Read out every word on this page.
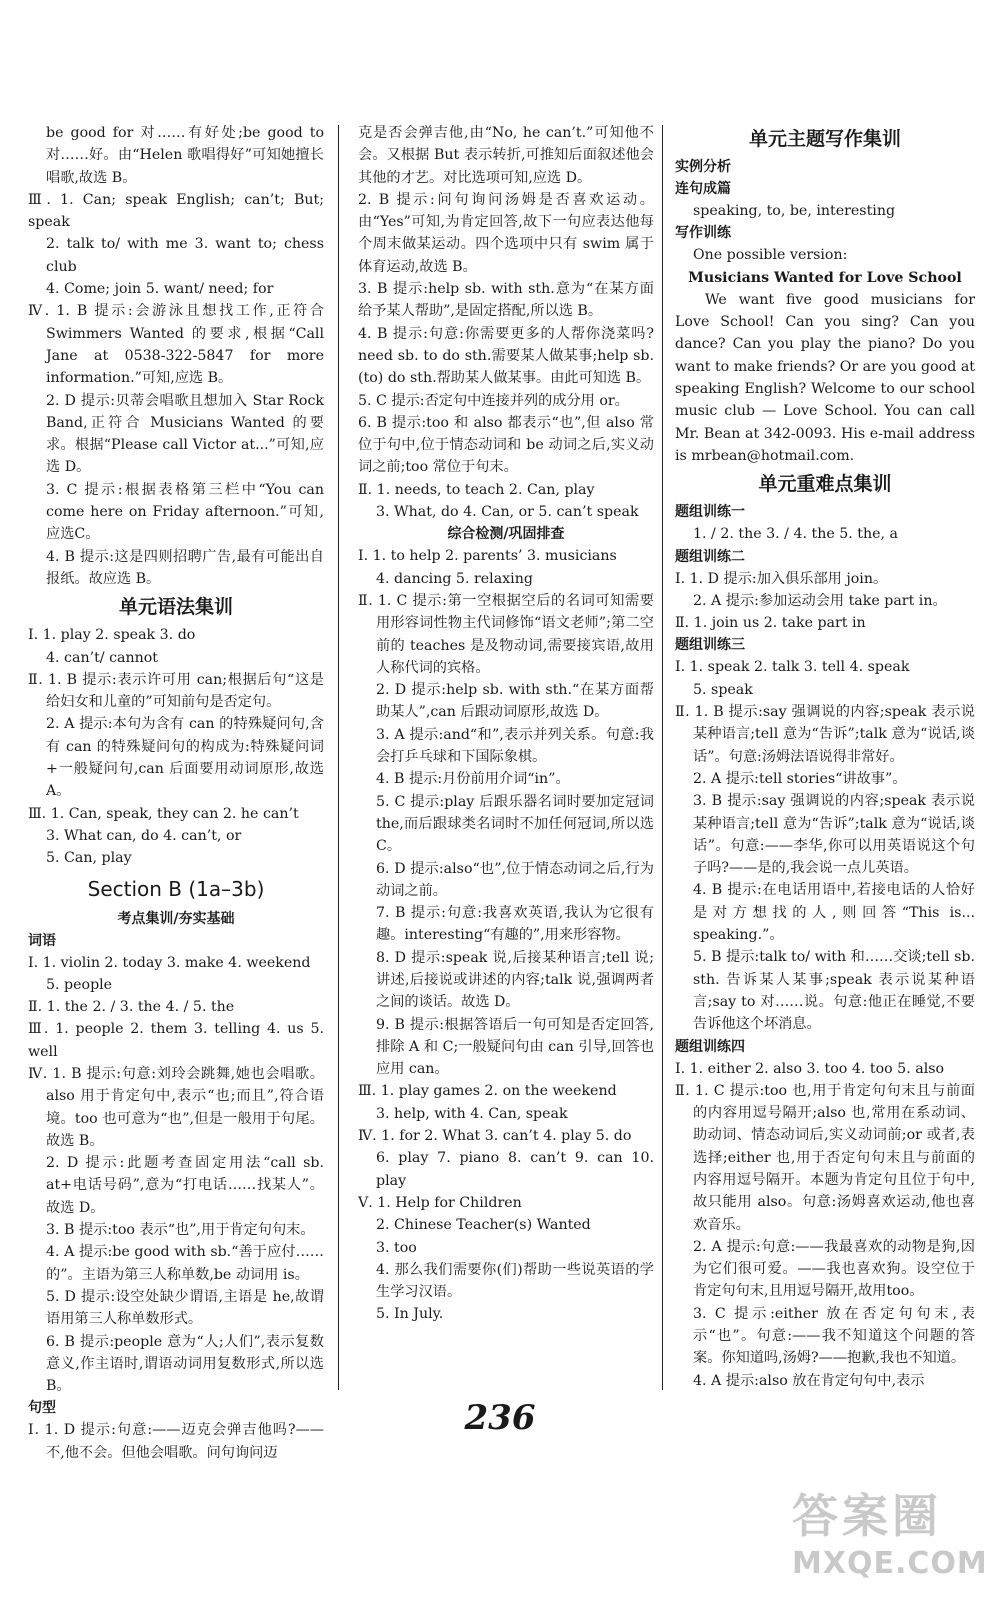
be good for 对……有好处;be good to 对……好。由“Helen 歌唱得好”可知她擅长唱歌,故选 B。

Ⅲ. 1. Can; speak English; can’t; But; speak

2. talk to/ with me 3. want to; chess club

4. Come; join 5. want/ need; for

Ⅳ. 1. B 提示:会游泳且想找工作,正符合 Swimmers Wanted 的要求,根据“Call Jane at 0538-322-5847 for more information.”可知,应选 B。

2. D 提示:贝蒂会唱歌且想加入 Star Rock Band,正符合 Musicians Wanted 的要求。根据“Please call Victor at...”可知,应选 D。

3. C 提示:根据表格第三栏中“You can come here on Friday afternoon.”可知,应选C。

4. B 提示:这是四则招聘广告,最有可能出自报纸。故应选 B。

单元语法集训

Ⅰ. 1. play 2. speak 3. do

4. can’t/ cannot

Ⅱ. 1. B 提示:表示许可用 can;根据后句“这是给妇女和儿童的”可知前句是否定句。

2. A 提示:本句为含有 can 的特殊疑问句,含有 can 的特殊疑问句的构成为:特殊疑问词+一般疑问句,can 后面要用动词原形,故选 A。

Ⅲ. 1. Can, speak, they can 2. he can’t

3. What can, do 4. can’t, or

5. Can, play

Section B (1a–3b)

考点集训/夯实基础

词语

Ⅰ. 1. violin 2. today 3. make 4. weekend

5. people

Ⅱ. 1. the 2. / 3. the 4. / 5. the

Ⅲ. 1. people 2. them 3. telling 4. us 5. well

Ⅳ. 1. B 提示:句意:刘玲会跳舞,她也会唱歌。also 用于肯定句中,表示“也;而且”,符合语境。too 也可意为“也”,但是一般用于句尾。故选 B。

2. D 提示:此题考查固定用法“call sb. at+电话号码”,意为“打电话……找某人”。故选 D。

3. B 提示:too 表示“也”,用于肯定句句末。

4. A 提示:be good with sb.“善于应付……的”。主语为第三人称单数,be 动词用 is。

5. D 提示:设空处缺少谓语,主语是 he,故谓语用第三人称单数形式。

6. B 提示:people 意为“人;人们”,表示复数意义,作主语时,谓语动词用复数形式,所以选 B。

句型

Ⅰ. 1. D 提示:句意:——迈克会弹吉他吗?——不,他不会。但他会唱歌。问句询问迈

克是否会弹吉他,由“No, he can’t.”可知他不会。又根据 But 表示转折,可推知后面叙述他会其他的才艺。对比选项可知,应选 D。

2. B 提示:问句询问汤姆是否喜欢运动。由“Yes”可知,为肯定回答,故下一句应表达他每个周末做某运动。四个选项中只有 swim 属于体育运动,故选 B。

3. B 提示:help sb. with sth.意为“在某方面给予某人帮助”,是固定搭配,所以选 B。

4. B 提示:句意:你需要更多的人帮你浇菜吗? need sb. to do sth.需要某人做某事;help sb. (to) do sth.帮助某人做某事。由此可知选 B。

5. C 提示:否定句中连接并列的成分用 or。

6. B 提示:too 和 also 都表示“也”,但 also 常位于句中,位于情态动词和 be 动词之后,实义动词之前;too 常位于句末。

Ⅱ. 1. needs, to teach 2. Can, play

3. What, do 4. Can, or 5. can’t speak

综合检测/巩固排查

Ⅰ. 1. to help 2. parents’ 3. musicians

4. dancing 5. relaxing

Ⅱ. 1. C 提示:第一空根据空后的名词可知需要用形容词性物主代词修饰“语文老师”;第二空前的 teaches 是及物动词,需要接宾语,故用人称代词的宾格。

2. D 提示:help sb. with sth.“在某方面帮助某人”,can 后跟动词原形,故选 D。

3. A 提示:and“和”,表示并列关系。句意:我会打乒乓球和下国际象棋。

4. B 提示:月份前用介词“in”。

5. C 提示:play 后跟乐器名词时要加定冠词 the,而后跟球类名词时不加任何冠词,所以选 C。

6. D 提示:also“也”,位于情态动词之后,行为动词之前。

7. B 提示:句意:我喜欢英语,我认为它很有趣。interesting“有趣的”,用来形容物。

8. D 提示:speak 说,后接某种语言;tell 说;讲述,后接说或讲述的内容;talk 说,强调两者之间的谈话。故选 D。

9. B 提示:根据答语后一句可知是否定回答,排除 A 和 C;一般疑问句由 can 引导,回答也应用 can。

Ⅲ. 1. play games 2. on the weekend

3. help, with 4. Can, speak

Ⅳ. 1. for 2. What 3. can’t 4. play 5. do

6. play 7. piano 8. can’t 9. can 10. play

Ⅴ. 1. Help for Children

2. Chinese Teacher(s) Wanted

3. too

4. 那么我们需要你(们)帮助一些说英语的学生学习汉语。

5. In July.

单元主题写作集训

实例分析

连句成篇

speaking, to, be, interesting

写作训练

One possible version:

Musicians Wanted for Love School

We want five good musicians for Love School! Can you sing? Can you dance? Can you play the piano? Do you want to make friends? Or are you good at speaking English? Welcome to our school music club — Love School. You can call Mr. Bean at 342-0093. His e-mail address is mrbean@hotmail.com.

单元重难点集训

题组训练一

1. / 2. the 3. / 4. the 5. the, a

题组训练二

Ⅰ. 1. D 提示:加入俱乐部用 join。

2. A 提示:参加运动会用 take part in。

Ⅱ. 1. join us 2. take part in

题组训练三

Ⅰ. 1. speak 2. talk 3. tell 4. speak

5. speak

Ⅱ. 1. B 提示:say 强调说的内容;speak 表示说某种语言;tell 意为“告诉”;talk 意为“说话,谈话”。句意:汤姆法语说得非常好。

2. A 提示:tell stories“讲故事”。

3. B 提示:say 强调说的内容;speak 表示说某种语言;tell 意为“告诉”;talk 意为“说话,谈话”。句意:——李华,你可以用英语说这个句子吗?——是的,我会说一点儿英语。

4. B 提示:在电话用语中,若接电话的人恰好是对方想找的人,则回答“This is... speaking.”。

5. B 提示:talk to/ with 和……交谈;tell sb. sth. 告诉某人某事;speak 表示说某种语言;say to 对……说。句意:他正在睡觉,不要告诉他这个坏消息。

题组训练四

Ⅰ. 1. either 2. also 3. too 4. too 5. also

Ⅱ. 1. C 提示:too 也,用于肯定句句末且与前面的内容用逗号隔开;also 也,常用在系动词、助动词、情态动词后,实义动词前;or 或者,表选择;either 也,用于否定句句末且与前面的内容用逗号隔开。本题为肯定句且位于句中,故只能用 also。句意:汤姆喜欢运动,他也喜欢音乐。

2. A 提示:句意:——我最喜欢的动物是狗,因为它们很可爱。——我也喜欢狗。设空位于肯定句句末,且用逗号隔开,故用too。

3. C 提示:either 放在否定句句末,表示“也”。句意:——我不知道这个问题的答案。你知道吗,汤姆?——抱歉,我也不知道。

4. A 提示:also 放在肯定句句中,表示

236
答案圈
MXQE.COM
